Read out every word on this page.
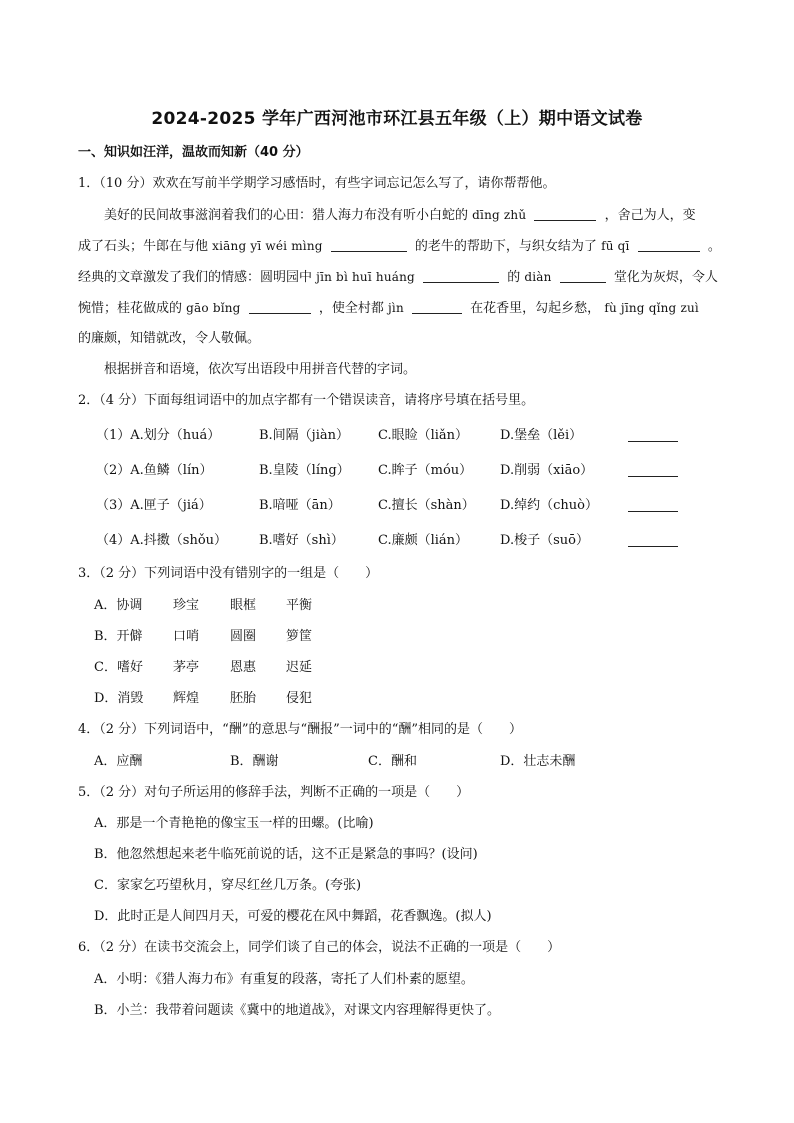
2024-2025 学年广西河池市环江县五年级（上）期中语文试卷
一、知识如汪洋，温故而知新（40 分）
1．（10 分）欢欢在写前半学期学习感悟时，有些字词忘记怎么写了，请你帮帮他。
美好的民间故事滋润着我们的心田：猎人海力布没有听小白蛇的 dīng zhǔ	，舍己为人，变
成了石头；牛郎在与他 xiāng yī wéi mìng	的老牛的帮助下，与织女结为了 fū qī	。
经典的文章激发了我们的情感：圆明园中 jīn bì huī huáng	的 diàn	堂化为灰烬，令人
惋惜；桂花做成的 gāo bǐng	，使全村都 jìn	在花香里，勾起乡愁， fù jīng qǐng zuì
的廉颇，知错就改，令人敬佩。
根据拼音和语境，依次写出语段中用拼音代替的字词。
2．（4 分）下面每组词语中的加点字都有一个错误读音，请将序号填在括号里。
（1）A.划分（huá）	B.间隔（jiàn） C.眼睑（liǎn） D.堡垒（lěi）
（2）A.鱼鳞（lín）	B.皇陵（líng） C.眸子（móu） D.削弱（xiāo）
（3）A.匣子（jiá）	B.喑哑（ān）	C.擅长（shàn） D.绰约（chuò）
（4）A.抖擞（shǒu） B.嗜好（shì）	C.廉颇（lián） D.梭子（suō）
3．（2 分）下列词语中没有错别字的一组是（　　）
A．协调 珍宝 眼框 平衡
B．开僻 口哨 圆圈 箩筐
C．嗜好 茅亭 恩惠 迟延
D．消毁 辉煌 胚胎 侵犯
4．（2 分）下列词语中，“酬”的意思与“酬报”一词中的“酬”相同的是（　　）
A．应酬	B．酬谢	C．酬和	D．壮志未酬
5．（2 分）对句子所运用的修辞手法，判断不正确的一项是（　　）
A．那是一个青艳艳的像宝玉一样的田螺。(比喻)
B．他忽然想起来老牛临死前说的话，这不正是紧急的事吗？(设问)
C．家家乞巧望秋月，穿尽红丝几万条。(夸张)
D．此时正是人间四月天，可爱的樱花在风中舞蹈，花香飘逸。(拟人)
6．（2 分）在读书交流会上，同学们谈了自己的体会，说法不正确的一项是（　　）
A．小明：《猎人海力布》有重复的段落，寄托了人们朴素的愿望。
B．小兰：我带着问题读《冀中的地道战》，对课文内容理解得更快了。
